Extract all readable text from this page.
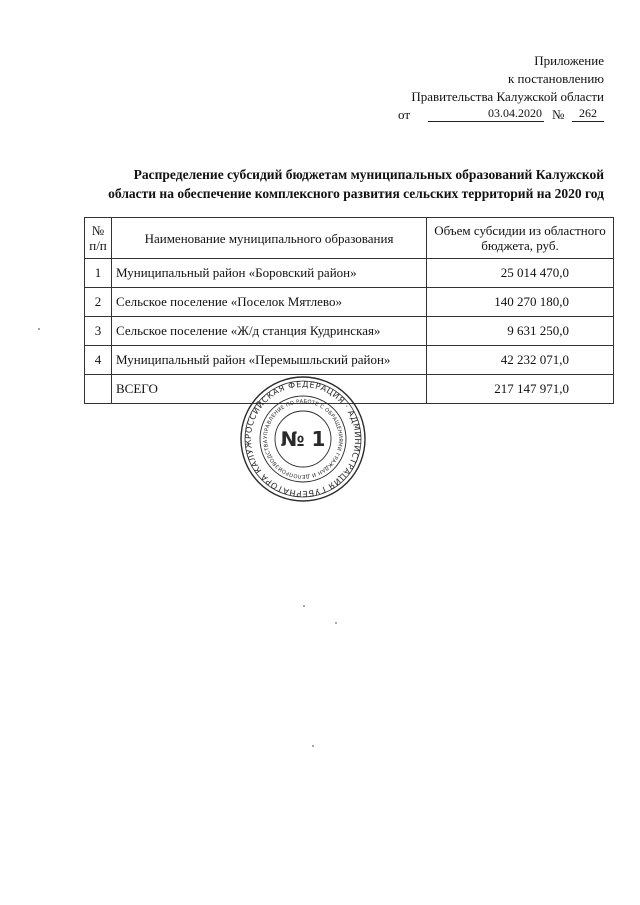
Приложение
к постановлению
Правительства Калужской области
от	03.04.2020 №	262
Распределение субсидий бюджетам муниципальных образований Калужской
области на обеспечение комплексного развития сельских территорий на 2020 год
№ п/п	Наименование муниципального образования	Объем субсидии из областного бюджета, руб.
1	Муниципальный район «Боровский район»	25 014 470,0
2	Сельское поселение «Поселок Мятлево»	140 270 180,0
3	Сельское поселение «Ж/д станция Кудринская»	9 631 250,0
4	Муниципальный район «Перемышльский район»	42 232 071,0
	ВСЕГО	217 147 971,0
РОССИЙСКАЯ ФЕДЕРАЦИЯ · АДМИНИСТРАЦИЯ ГУБЕРНАТОРА КАЛУЖ
УПРАВЛЕНИЕ ПО РАБОТЕ С ОБРАЩЕНИЯМИ ГРАЖДАН И ДЕЛОПРОИЗВОДСТВА № 1
